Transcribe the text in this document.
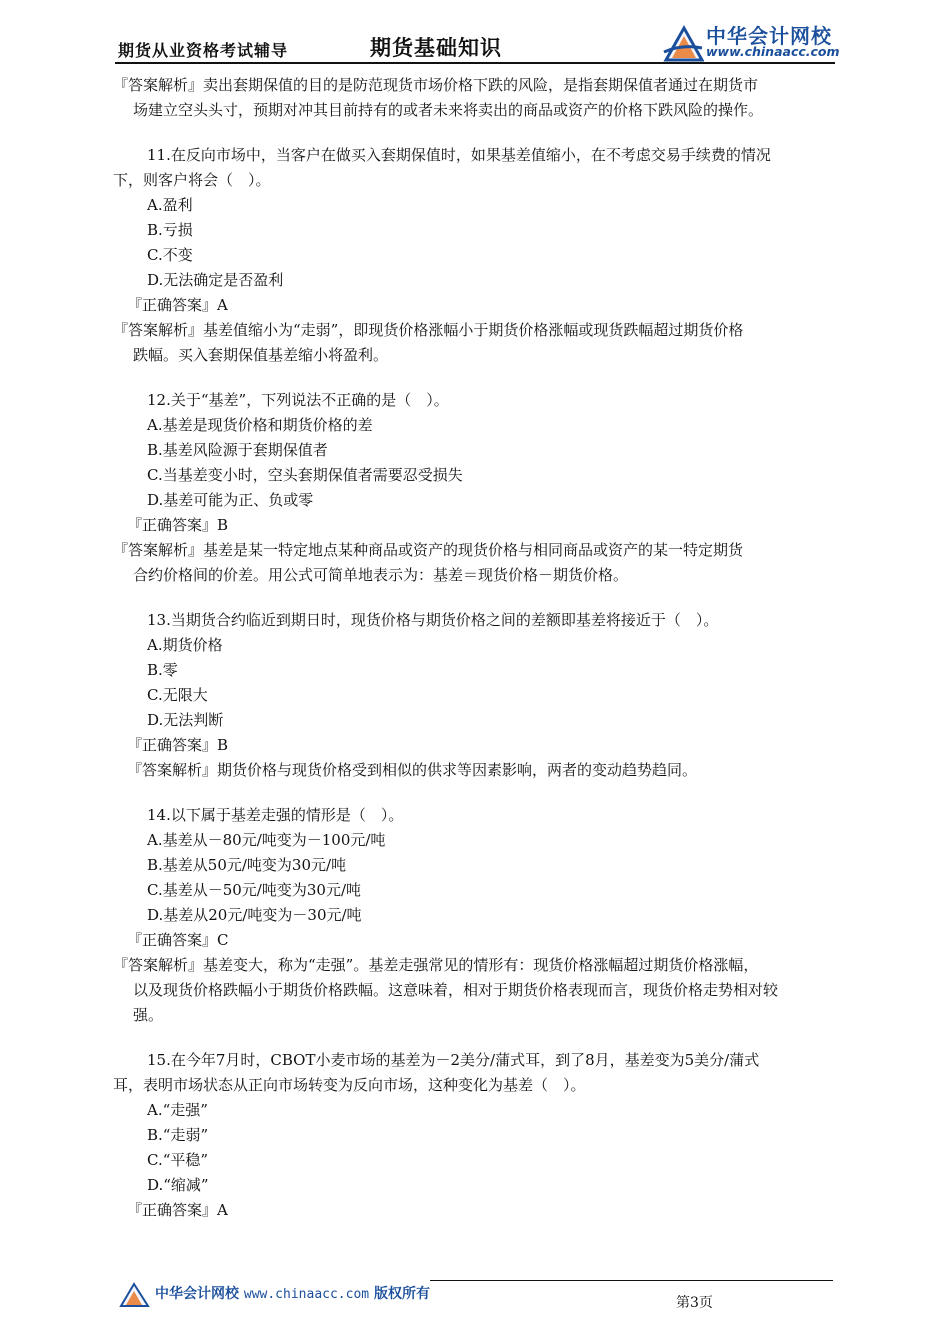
期货从业资格考试辅导	期货基础知识	中华会计网校
www.chinaacc.com
『答案解析』卖出套期保值的目的是防范现货市场价格下跌的风险，是指套期保值者通过在期货市
场建立空头头寸，预期对冲其目前持有的或者未来将卖出的商品或资产的价格下跌风险的操作。
11.在反向市场中，当客户在做买入套期保值时，如果基差值缩小，在不考虑交易手续费的情况
下，则客户将会（　）。
A.盈利
B.亏损
C.不变
D.无法确定是否盈利
『正确答案』A
『答案解析』基差值缩小为“走弱”，即现货价格涨幅小于期货价格涨幅或现货跌幅超过期货价格
跌幅。买入套期保值基差缩小将盈利。
12.关于“基差”，下列说法不正确的是（　）。
A.基差是现货价格和期货价格的差
B.基差风险源于套期保值者
C.当基差变小时，空头套期保值者需要忍受损失
D.基差可能为正、负或零
『正确答案』B
『答案解析』基差是某一特定地点某种商品或资产的现货价格与相同商品或资产的某一特定期货
合约价格间的价差。用公式可简单地表示为：基差＝现货价格－期货价格。
13.当期货合约临近到期日时，现货价格与期货价格之间的差额即基差将接近于（　）。
A.期货价格
B.零
C.无限大
D.无法判断
『正确答案』B
『答案解析』期货价格与现货价格受到相似的供求等因素影响，两者的变动趋势趋同。
14.以下属于基差走强的情形是（　）。
A.基差从－80元/吨变为－100元/吨
B.基差从50元/吨变为30元/吨
C.基差从－50元/吨变为30元/吨
D.基差从20元/吨变为－30元/吨
『正确答案』C
『答案解析』基差变大，称为“走强”。基差走强常见的情形有：现货价格涨幅超过期货价格涨幅，
以及现货价格跌幅小于期货价格跌幅。这意味着，相对于期货价格表现而言，现货价格走势相对较
强。
15.在今年7月时，CBOT小麦市场的基差为－2美分/蒲式耳，到了8月，基差变为5美分/蒲式
耳，表明市场状态从正向市场转变为反向市场，这种变化为基差（　）。
A.“走强”
B.“走弱”
C.“平稳”
D.“缩减”
『正确答案』A
中华会计网校 www.chinaacc.com 版权所有
第3页
